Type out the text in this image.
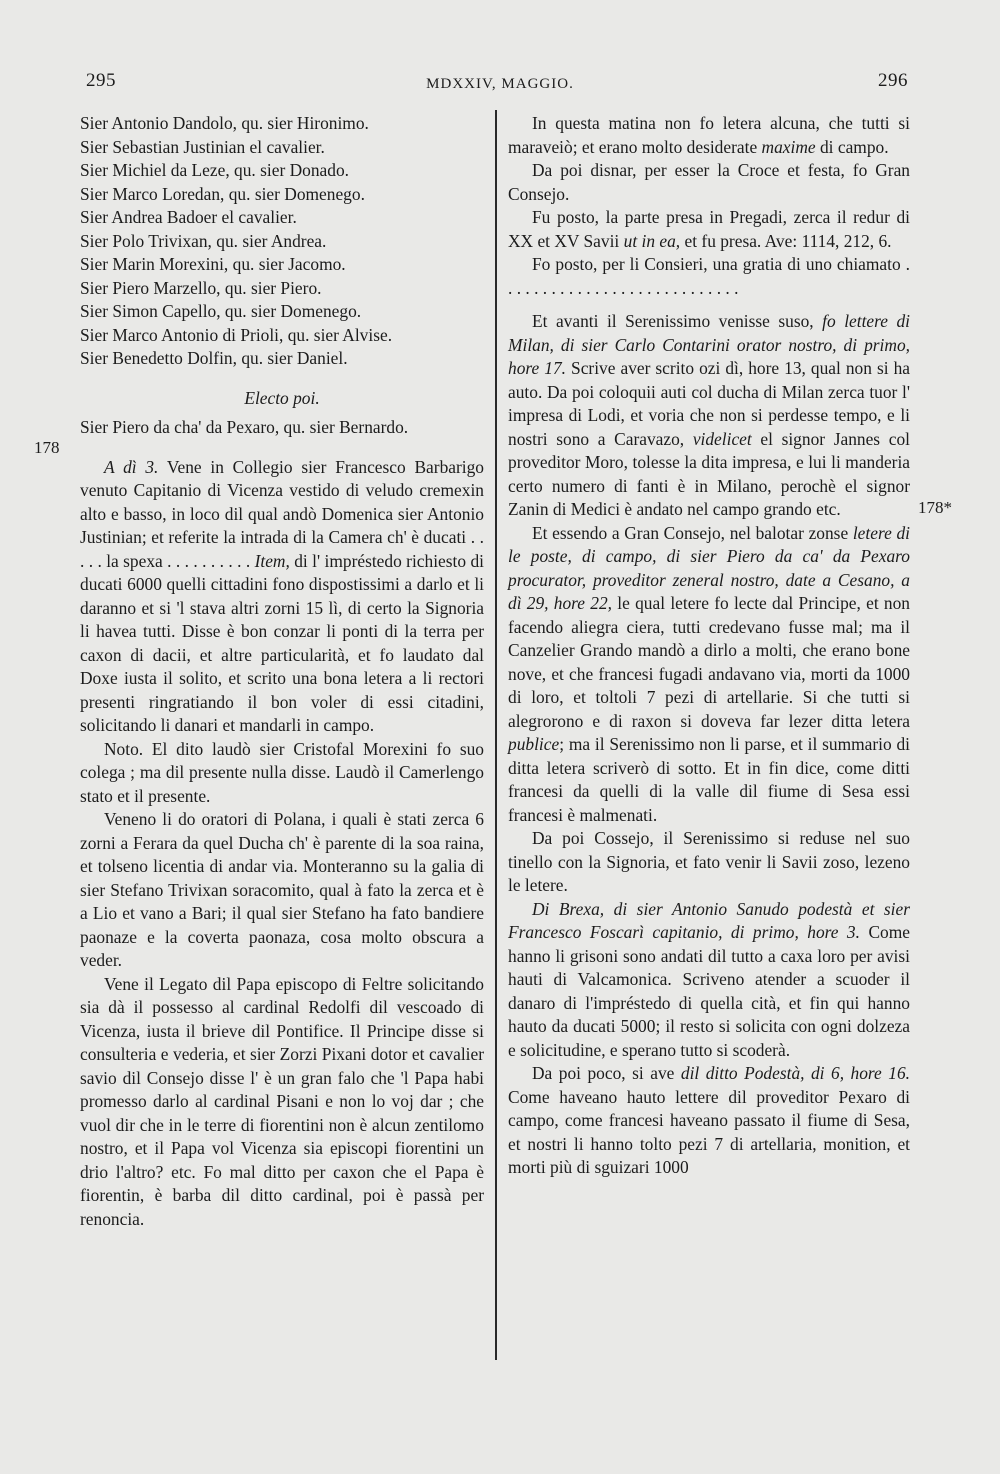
295	MDXXIV, MAGGIO.	296
178
178*
Sier Antonio Dandolo, qu. sier Hironimo.
Sier Sebastian Justinian el cavalier.
Sier Michiel da Leze, qu. sier Donado.
Sier Marco Loredan, qu. sier Domenego.
Sier Andrea Badoer el cavalier.
Sier Polo Trivixan, qu. sier Andrea.
Sier Marin Morexini, qu. sier Jacomo.
Sier Piero Marzello, qu. sier Piero.
Sier Simon Capello, qu. sier Domenego.
Sier Marco Antonio di Prioli, qu. sier Alvise.
Sier Benedetto Dolfin, qu. sier Daniel.
Electo poi.
Sier Piero da cha' da Pexaro, qu. sier Bernardo.

A dì 3. Vene in Collegio sier Francesco Barbarigo venuto Capitanio di Vicenza vestido di veludo cremexin alto e basso, in loco dil qual andò Domenica sier Antonio Justinian; et referite la intrada di la Camera ch' è ducati . . . . . la spexa . . . . . . . . . . Item, di l' impréstedo richiesto di ducati 6000 quelli cittadini fono dispostissimi a darlo et li daranno et si 'l stava altri zorni 15 lì, di certo la Signoria li havea tutti. Disse è bon conzar li ponti di la terra per caxon di dacii, et altre particularità, et fo laudato dal Doxe iusta il solito, et scrito una bona letera a li rectori presenti ringratiando il bon voler di essi citadini, solicitando li danari et mandarli in campo.

Noto. El dito laudò sier Cristofal Morexini fo suo colega ; ma dil presente nulla disse. Laudò il Camerlengo stato et il presente.

Veneno li do oratori di Polana, i quali è stati zerca 6 zorni a Ferara da quel Ducha ch' è parente di la soa raina, et tolseno licentia di andar via. Monteranno su la galia di sier Stefano Trivixan soracomito, qual à fato la zerca et è a Lio et vano a Bari; il qual sier Stefano ha fato bandiere paonaze e la coverta paonaza, cosa molto obscura a veder.

Vene il Legato dil Papa episcopo di Feltre solicitando sia dà il possesso al cardinal Redolfi dil vescoado di Vicenza, iusta il brieve dil Pontifice. Il Principe disse si consulteria e vederia, et sier Zorzi Pixani dotor et cavalier savio dil Consejo disse l' è un gran falo che 'l Papa habi promesso darlo al cardinal Pisani e non lo voj dar ; che vuol dir che in le terre di fiorentini non è alcun zentilomo nostro, et il Papa vol Vicenza sia episcopi fiorentini un drio l'altro? etc. Fo mal ditto per caxon che el Papa è fiorentin, è barba dil ditto cardinal, poi è passà per renoncia.

In questa matina non fo letera alcuna, che tutti si maraveiò; et erano molto desiderate maxime di campo.

Da poi disnar, per esser la Croce et festa, fo Gran Consejo.

Fu posto, la parte presa in Pregadi, zerca il redur di XX et XV Savii ut in ea, et fu presa. Ave: 1114, 212, 6.

Fo posto, per li Consieri, una gratia di uno chiamato . . . . . . . . . . . . . . . . . . . . . . . . . . . .

Et avanti il Serenissimo venisse suso, fo lettere di Milan, di sier Carlo Contarini orator nostro, di primo, hore 17. Scrive aver scrito ozi dì, hore 13, qual non si ha auto. Da poi coloquii auti col ducha di Milan zerca tuor l' impresa di Lodi, et voria che non si perdesse tempo, e li nostri sono a Caravazo, videlicet el signor Jannes col proveditor Moro, tolesse la dita impresa, e lui li manderia certo numero di fanti è in Milano, perochè el signor Zanin di Medici è andato nel campo grando etc.

Et essendo a Gran Consejo, nel balotar zonse letere di le poste, di campo, di sier Piero da ca' da Pexaro procurator, proveditor zeneral nostro, date a Cesano, a dì 29, hore 22, le qual letere fo lecte dal Principe, et non facendo aliegra ciera, tutti credevano fusse mal; ma il Canzelier Grando mandò a dirlo a molti, che erano bone nove, et che francesi fugadi andavano via, morti da 1000 di loro, et toltoli 7 pezi di artellarie. Si che tutti si alegrorono e di raxon si doveva far lezer ditta letera publice; ma il Serenissimo non li parse, et il summario di ditta letera scriverò di sotto. Et in fin dice, come ditti francesi da quelli di la valle dil fiume di Sesa essi francesi è malmenati.

Da poi Cossejo, il Serenissimo si reduse nel suo tinello con la Signoria, et fato venir li Savii zoso, lezeno le letere.

Di Brexa, di sier Antonio Sanudo podestà et sier Francesco Foscarì capitanio, di primo, hore 3. Come hanno li grisoni sono andati dil tutto a caxa loro per avisi hauti di Valcamonica. Scriveno atender a scuoder il danaro di l'impréstedo di quella cità, et fin qui hanno hauto da ducati 5000; il resto si solicita con ogni dolzeza e solicitudine, e sperano tutto si scoderà.

Da poi poco, si ave dil ditto Podestà, di 6, hore 16. Come haveano hauto lettere dil proveditor Pexaro di campo, come francesi haveano passato il fiume di Sesa, et nostri li hanno tolto pezi 7 di artellaria, monition, et morti più di sguizari 1000
